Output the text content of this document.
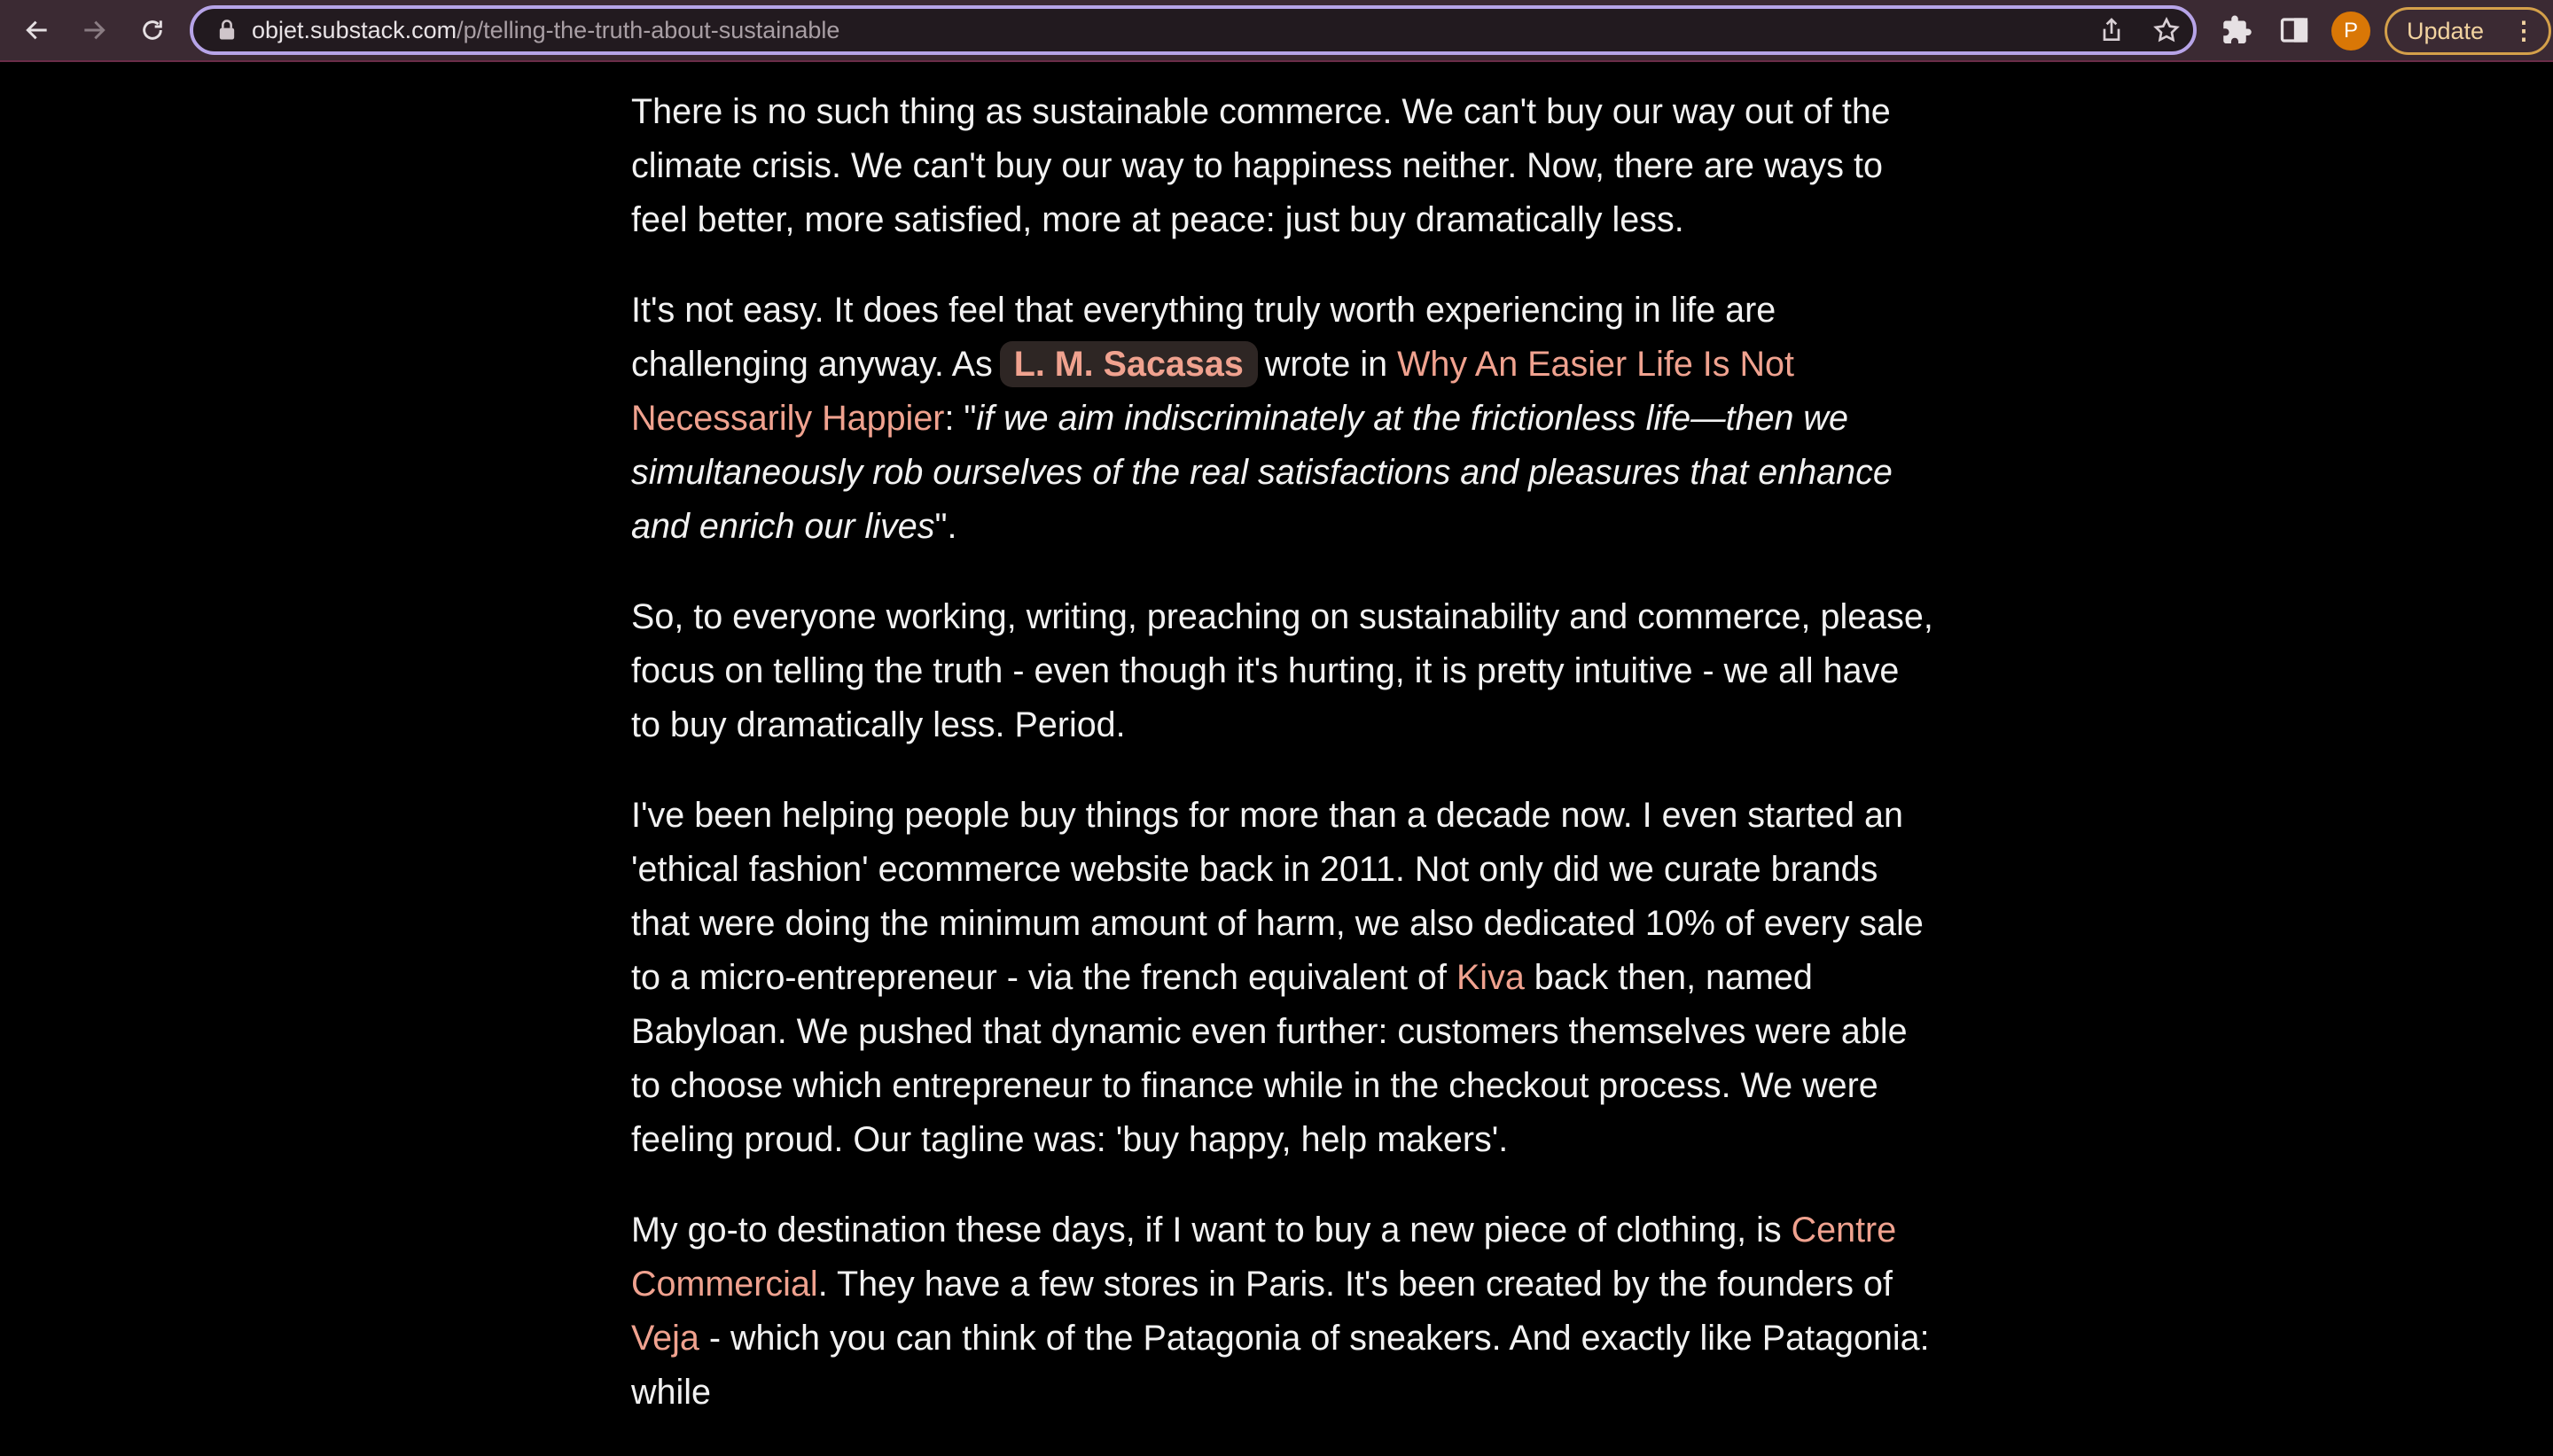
objet.substack.com/p/telling-the-truth-about-sustainable	P	Update ⋮

There is no such thing as sustainable commerce. We can't buy our way out of the climate crisis. We can't buy our way to happiness neither. Now, there are ways to feel better, more satisfied, more at peace: just buy dramatically less.

It's not easy. It does feel that everything truly worth experiencing in life are challenging anyway. As L. M. Sacasas wrote in Why An Easier Life Is Not Necessarily Happier: "if we aim indiscriminately at the frictionless life—then we simultaneously rob ourselves of the real satisfactions and pleasures that enhance and enrich our lives".

So, to everyone working, writing, preaching on sustainability and commerce, please, focus on telling the truth - even though it's hurting, it is pretty intuitive - we all have to buy dramatically less. Period.

I've been helping people buy things for more than a decade now. I even started an 'ethical fashion' ecommerce website back in 2011. Not only did we curate brands that were doing the minimum amount of harm, we also dedicated 10% of every sale to a micro-entrepreneur - via the french equivalent of Kiva back then, named Babyloan. We pushed that dynamic even further: customers themselves were able to choose which entrepreneur to finance while in the checkout process. We were feeling proud. Our tagline was: 'buy happy, help makers'.

My go-to destination these days, if I want to buy a new piece of clothing, is Centre Commercial. They have a few stores in Paris. It's been created by the founders of Veja - which you can think of the Patagonia of sneakers. And exactly like Patagonia: while
